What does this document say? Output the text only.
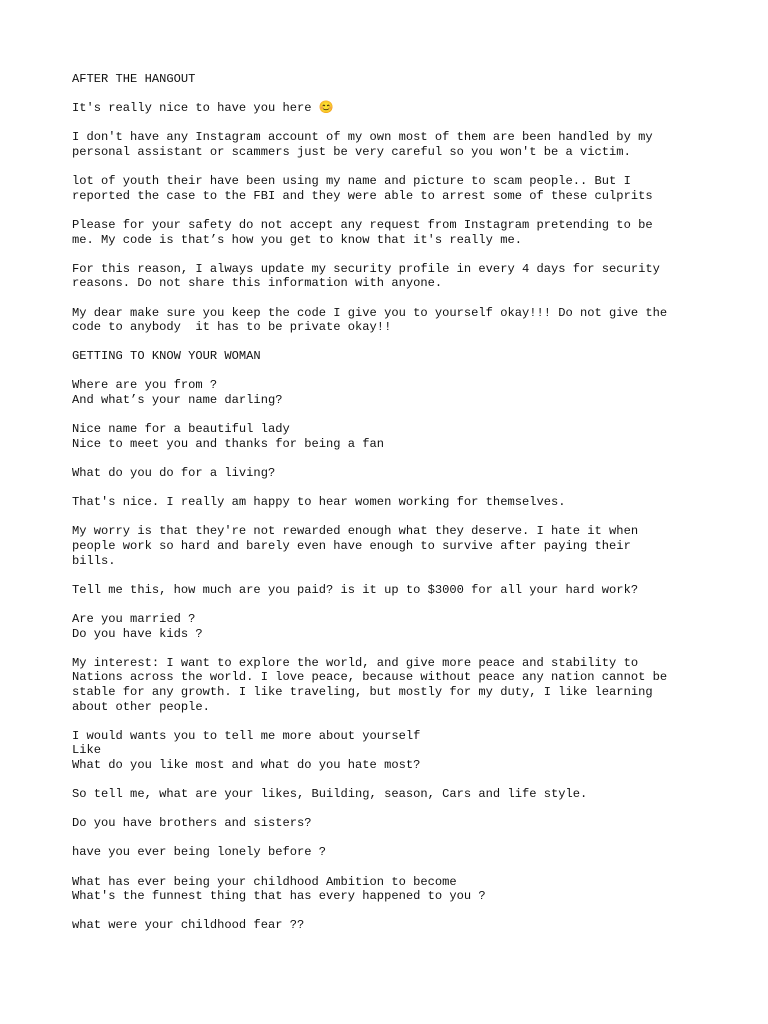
AFTER THE HANGOUT
It's really nice to have you here 😊
I don't have any Instagram account of my own most of them are been handled by my
personal assistant or scammers just be very careful so you won't be a victim.
lot of youth their have been using my name and picture to scam people.. But I
reported the case to the FBI and they were able to arrest some of these culprits
Please for your safety do not accept any request from Instagram pretending to be
me. My code is that’s how you get to know that it's really me.
For this reason, I always update my security profile in every 4 days for security
reasons. Do not share this information with anyone.
My dear make sure you keep the code I give you to yourself okay!!! Do not give the
code to anybody  it has to be private okay!!
GETTING TO KNOW YOUR WOMAN
Where are you from ?
And what’s your name darling?
Nice name for a beautiful lady
Nice to meet you and thanks for being a fan
What do you do for a living?
That's nice. I really am happy to hear women working for themselves.
My worry is that they're not rewarded enough what they deserve. I hate it when
people work so hard and barely even have enough to survive after paying their
bills.
Tell me this, how much are you paid? is it up to $3000 for all your hard work?
Are you married ?
Do you have kids ?
My interest: I want to explore the world, and give more peace and stability to
Nations across the world. I love peace, because without peace any nation cannot be
stable for any growth. I like traveling, but mostly for my duty, I like learning
about other people.
I would wants you to tell me more about yourself
Like
What do you like most and what do you hate most?
So tell me, what are your likes, Building, season, Cars and life style.
Do you have brothers and sisters?
have you ever being lonely before ?
What has ever being your childhood Ambition to become
What's the funnest thing that has every happened to you ?
what were your childhood fear ??
